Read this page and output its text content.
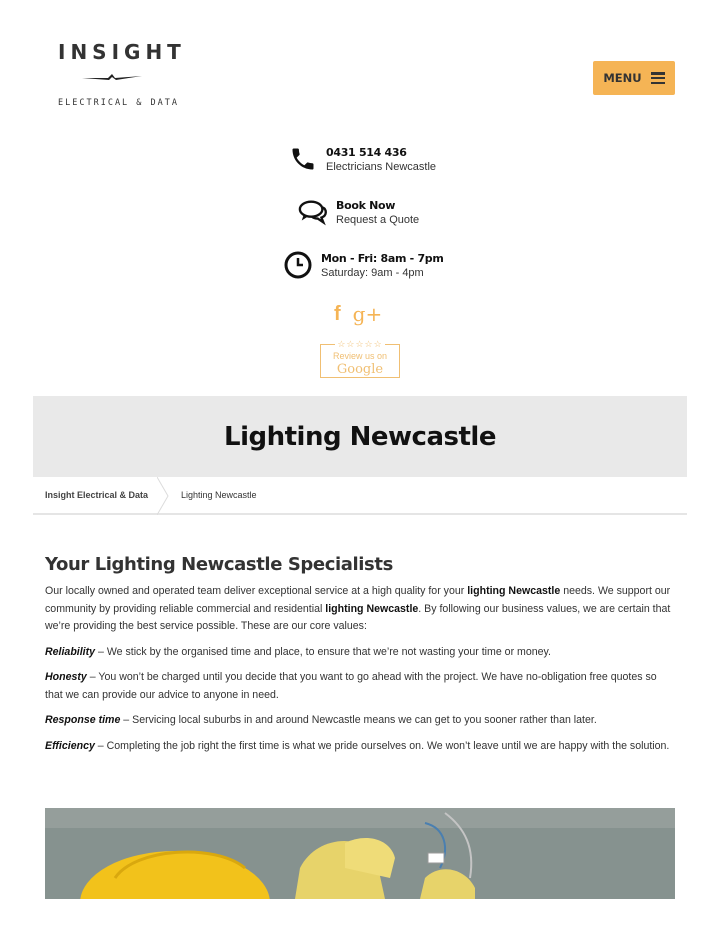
INSIGHT
ELECTRICAL & DATA
MENU
0431 514 436
Electricians Newcastle
Book Now
Request a Quote
Mon - Fri: 8am - 7pm
Saturday: 9am - 4pm
f g+
☆☆☆☆☆
Review us on
Google
Lighting Newcastle
Insight Electrical & Data	Lighting Newcastle
Your Lighting Newcastle Specialists

Our locally owned and operated team deliver exceptional service at a high quality for your lighting Newcastle needs. We support our community by providing reliable commercial and residential lighting Newcastle. By following our business values, we are certain that we’re providing the best service possible. These are our core values:

Reliability – We stick by the organised time and place, to ensure that we’re not wasting your time or money.

Honesty – You won’t be charged until you decide that you want to go ahead with the project. We have no-obligation free quotes so that we can provide our advice to anyone in need.

Response time – Servicing local suburbs in and around Newcastle means we can get to you sooner rather than later.

Efficiency – Completing the job right the first time is what we pride ourselves on. We won’t leave until we are happy with the solution.
